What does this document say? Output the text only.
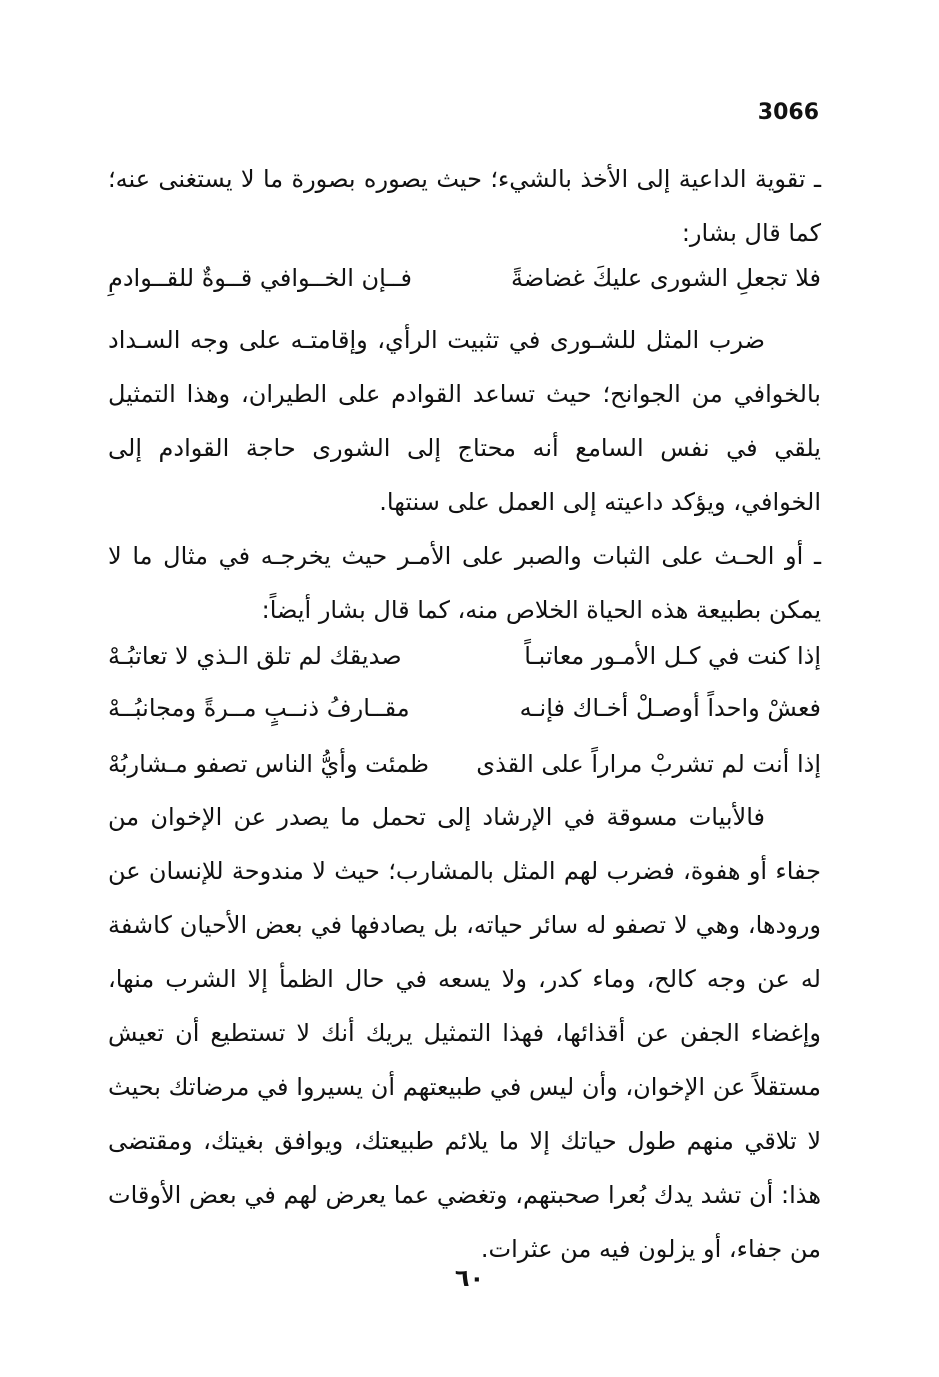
3066

ـ تقوية الداعية إلى الأخذ بالشيء؛ حيث يصوره بصورة ما لا يستغنى عنه؛ كما قال بشار:

فلا تجعلِ الشورى عليكَ غضاضةً
فــإن الخــوافي قــوةٌ للقــوادمِ

ضرب المثل للشـورى في تثبيت الرأي، وإقامتـه على وجه السـداد بالخوافي من الجوانح؛ حيث تساعد القوادم على الطيران، وهذا التمثيل يلقي في نفس السامع أنه محتاج إلى الشورى حاجة القوادم إلى الخوافي، ويؤكد داعيته إلى العمل على سنتها.

ـ أو الحـث على الثبات والصبر على الأمـر حيث يخرجـه في مثال ما لا يمكن بطبيعة هذه الحياة الخلاص منه، كما قال بشار أيضاً:

إذا كنت في كـل الأمـور معاتبـاً
صديقك لم تلق الـذي لا تعاتبُـهْ
فعشْ واحداً أوصـلْ أخـاك فإنـه
مقــارفُ ذنــبٍ مــرةً ومجانبُــهْ
إذا أنت لم تشربْ مراراً على القذى
ظمئت وأيُّ الناس تصفو مـشاربُهْ

فالأبيات مسوقة في الإرشاد إلى تحمل ما يصدر عن الإخوان من جفاء أو هفوة، فضرب لهم المثل بالمشارب؛ حيث لا مندوحة للإنسان عن ورودها، وهي لا تصفو له سائر حياته، بل يصادفها في بعض الأحيان كاشفة له عن وجه كالح، وماء كدر، ولا يسعه في حال الظمأ إلا الشرب منها، وإغضاء الجفن عن أقذائها، فهذا التمثيل يريك أنك لا تستطيع أن تعيش مستقلاً عن الإخوان، وأن ليس في طبيعتهم أن يسيروا في مرضاتك بحيث لا تلاقي منهم طول حياتك إلا ما يلائم طبيعتك، ويوافق بغيتك، ومقتضى هذا: أن تشد يدك بُعرا صحبتهم، وتغضي عما يعرض لهم في بعض الأوقات من جفاء، أو يزلون فيه من عثرات.

٦٠
